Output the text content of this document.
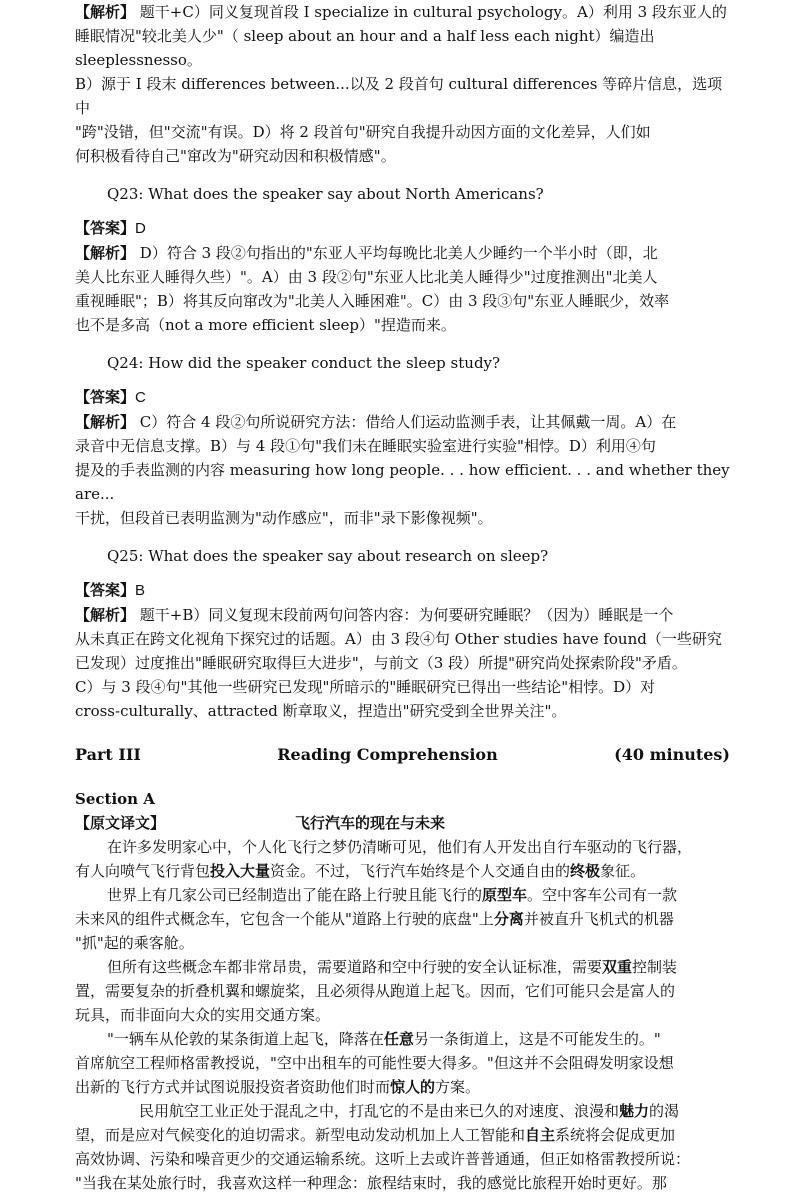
【解析】 题干+C）同义复现首段 I specialize in cultural psychology。A）利用 3 段东亚人的
睡眠情况"较北美人少"（ sleep about an hour and a half less each night）编造出 sleeplessnesso。
B）源于 I 段末 differences between...以及 2 段首句 cultural differences 等碎片信息，选项中
"跨"没错，但"交流"有误。D）将 2 段首句"研究自我提升动因方面的文化差异，人们如
何积极看待自己"窜改为"研究动因和积极情感"。
Q23: What does the speaker say about North Americans?
【答案】D
【解析】 D）符合 3 段②句指出的"东亚人平均每晚比北美人少睡约一个半小时（即，北
美人比东亚人睡得久些）"。A）由 3 段②句"东亚人比北美人睡得少"过度推测出"北美人
重视睡眠"；B）将其反向窜改为"北美人入睡困难"。C）由 3 段③句"东亚人睡眠少，效率
也不是多高（not a more efficient sleep）"捏造而来。
Q24: How did the speaker conduct the sleep study?
【答案】C
【解析】 C）符合 4 段②句所说研究方法：借给人们运动监测手表，让其佩戴一周。A）在
录音中无信息支撑。B）与 4 段①句"我们未在睡眠实验室进行实验"相悖。D）利用④句
提及的手表监测的内容 measuring how long people. . . how efficient. . . and whether they are...
干扰，但段首已表明监测为"动作感应"，而非"录下影像视频"。
Q25: What does the speaker say about research on sleep?
【答案】B
【解析】 题干+B）同义复现末段前两句问答内容：为何要研究睡眠？（因为）睡眠是一个
从未真正在跨文化视角下探究过的话题。A）由 3 段④句 Other studies have found（一些研究
已发现）过度推出"睡眠研究取得巨大进步"，与前文（3 段）所提"研究尚处探索阶段"矛盾。
C）与 3 段④句"其他一些研究已发现"所暗示的"睡眠研究已得出一些结论"相悖。D）对
cross-culturally、attracted 断章取义，捏造出"研究受到全世界关注"。
Part III	Reading Comprehension	(40 minutes)
Section A
【原文译文】	飞行汽车的现在与未来
在许多发明家心中，个人化飞行之梦仍清晰可见，他们有人开发出自行车驱动的飞行器，
有人向喷气飞行背包投入大量资金。不过，飞行汽车始终是个人交通自由的终极象征。
世界上有几家公司已经制造出了能在路上行驶且能飞行的原型车。空中客车公司有一款
未来风的组件式概念车，它包含一个能从"道路上行驶的底盘"上分离并被直升飞机式的机器
"抓"起的乘客舱。
但所有这些概念车都非常昂贵，需要道路和空中行驶的安全认证标准，需要双重控制装
置，需要复杂的折叠机翼和螺旋桨，且必须得从跑道上起飞。因而，它们可能只会是富人的
玩具，而非面向大众的实用交通方案。
"一辆车从伦敦的某条街道上起飞，降落在任意另一条街道上，这是不可能发生的。"
首席航空工程师格雷教授说，"空中出租车的可能性要大得多。"但这并不会阻碍发明家设想
出新的飞行方式并试图说服投资者资助他们时而惊人的方案。
民用航空工业正处于混乱之中，打乱它的不是由来已久的对速度、浪漫和魅力的渴
望，而是应对气候变化的迫切需求。新型电动发动机加上人工智能和自主系统将会促成更加
高效协调、污染和噪音更少的交通运输系统。这听上去或许普普通通，但正如格雷教授所说：
"当我在某处旅行时，我喜欢这样一种理念：旅程结束时，我的感觉比旅程开始时更好。那
